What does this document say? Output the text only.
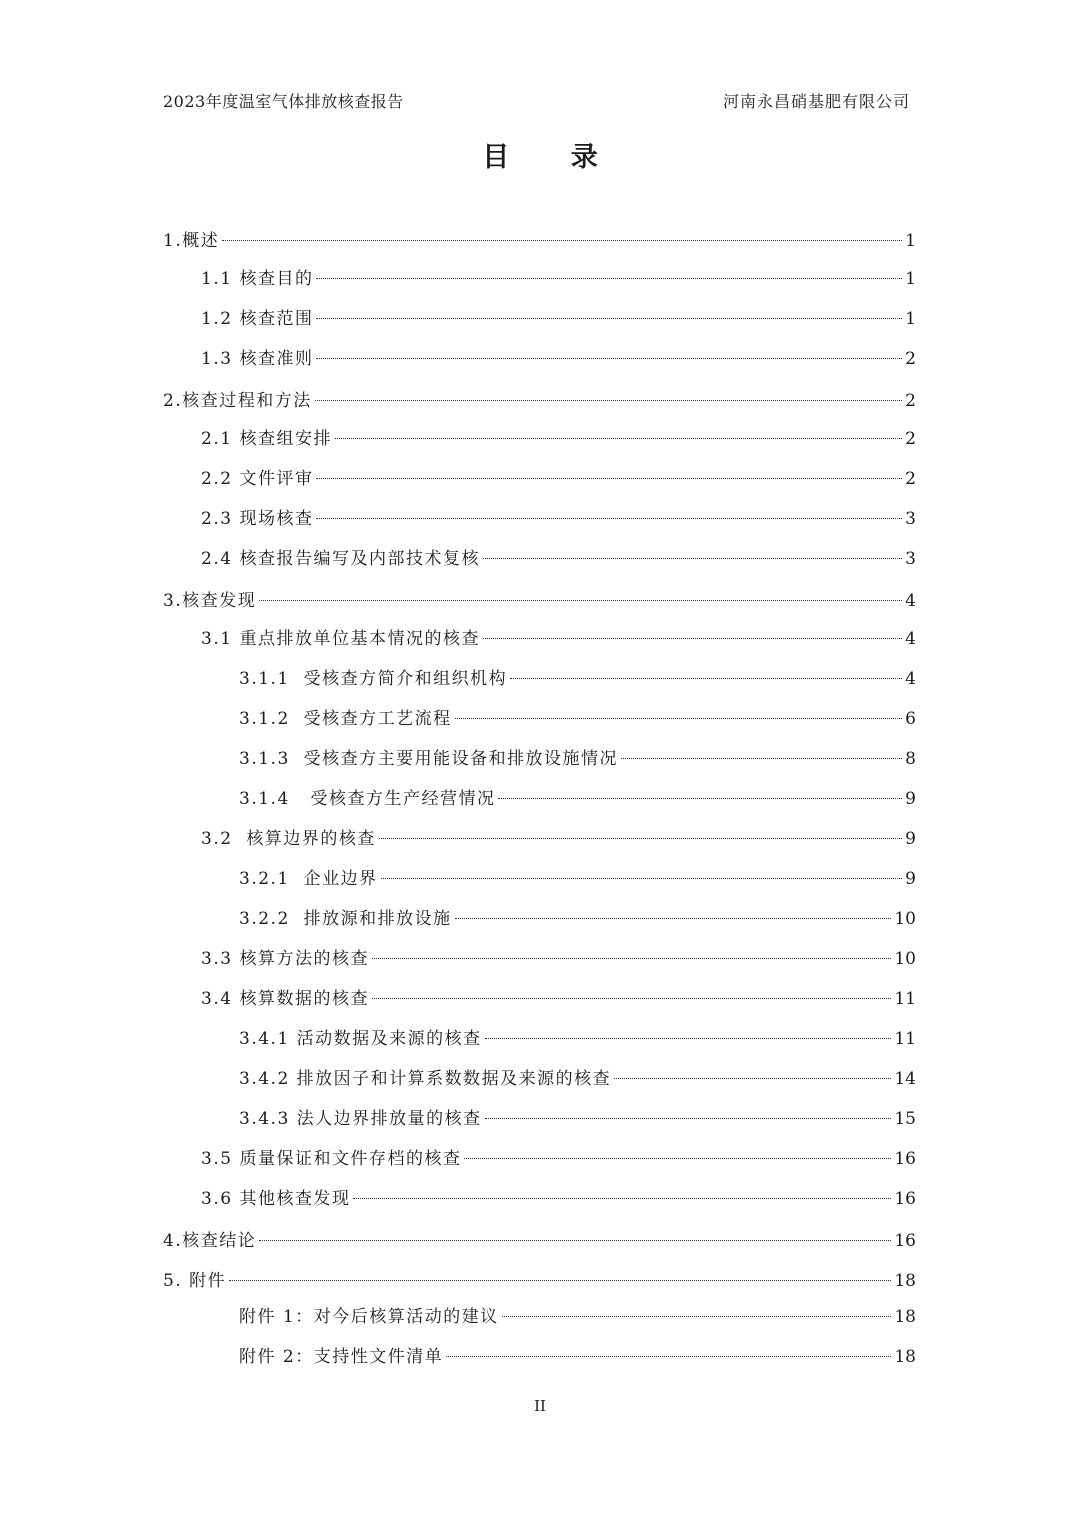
2023年度温室气体排放核查报告	河南永昌硝基肥有限公司
目 录
1.概述	1
1.1 核查目的	1
1.2 核查范围	1
1.3 核查准则	2
2.核查过程和方法	2
2.1 核查组安排	2
2.2 文件评审	2
2.3 现场核查	3
2.4 核查报告编写及内部技术复核	3
3.核查发现	4
3.1 重点排放单位基本情况的核查	4
3.1.1  受核查方简介和组织机构	4
3.1.2  受核查方工艺流程	6
3.1.3  受核查方主要用能设备和排放设施情况	8
3.1.4   受核查方生产经营情况	9
3.2  核算边界的核查	9
3.2.1  企业边界	9
3.2.2  排放源和排放设施	10
3.3 核算方法的核查	10
3.4 核算数据的核查	11
3.4.1 活动数据及来源的核查	11
3.4.2 排放因子和计算系数数据及来源的核查	14
3.4.3 法人边界排放量的核查	15
3.5 质量保证和文件存档的核查	16
3.6 其他核查发现	16
4.核查结论	16
5. 附件	18
附件 1：对今后核算活动的建议	18
附件 2：支持性文件清单	18
II
